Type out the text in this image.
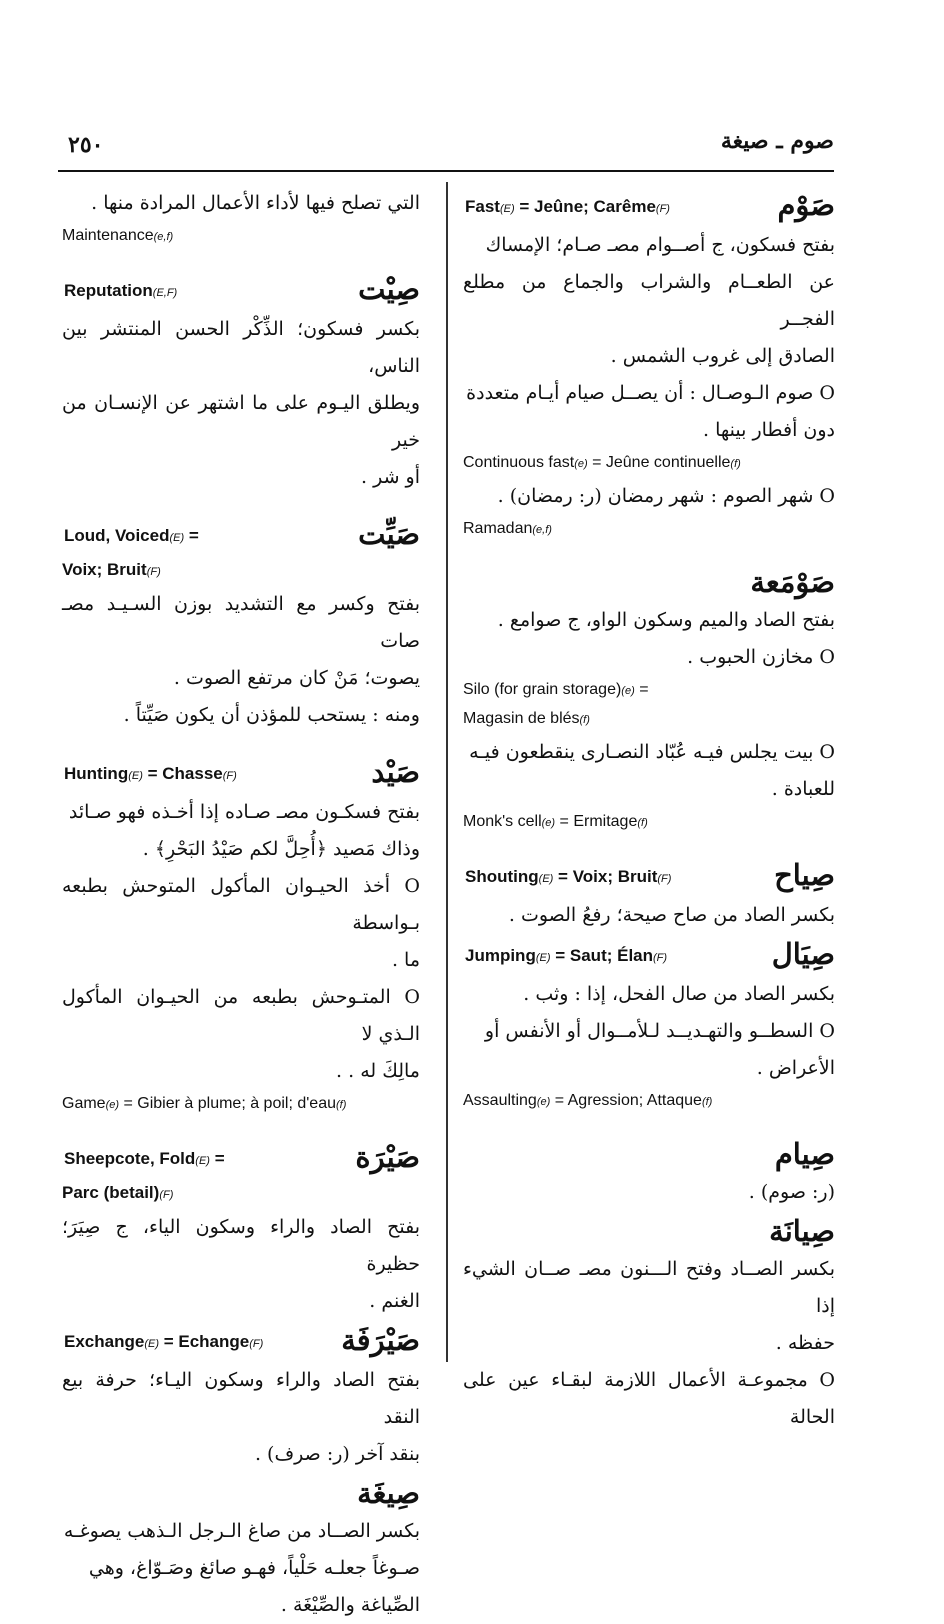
صوم ـ صيغة
٢٥٠
صَوْم
Fast(E) = Jeûne; Carême(F)
بفتح فسكون، ج أصــوام مصـ صـام؛ الإمساك
عن الطعــام والشراب والجماع من مطلع الفجــر
الصادق إلى غروب الشمس .
O صوم الـوصـال : أن يصــل صيام أيـام متعددة
دون أفطار بينها .
Continuous fast(e) = Jeûne continuelle(f)
O شهر الصوم : شهر رمضان (ر: رمضان) .
Ramadan(e,f)
صَوْمَعة
بفتح الصاد والميم وسكون الواو، ج صوامع .
O مخازن الحبوب .
Silo (for grain storage)(e) =
Magasin de blés(f)
O بيت يجلس فيـه عُبّاد النصـارى ينقطعون فيـه
للعبادة .
Monk's cell(e) = Ermitage(f)
صِياح
Shouting(E) = Voix; Bruit(F)
بكسر الصاد من صاح صيحة؛ رفعُ الصوت .
صِيَال
Jumping(E) = Saut; Élan(F)
بكسر الصاد من صال الفحل، إذا : وثب .
O السطــو والتهـديــد لـلأمــوال أو الأنفس أو
الأعراض .
Assaulting(e) = Agression; Attaque(f)
صِيام
(ر: صوم) .
صِيانَة
بكسر الصــاد وفتح الـــنون مصـ صــان الشيء إذا
حفظه .
O مجموعـة الأعمال اللازمة لبقـاء عين على الحالة
التي تصلح فيها لأداء الأعمال المرادة منها .
Maintenance(e,f)
صِيْت
Reputation(E,F)
بكسر فسكون؛ الذِّكْر الحسن المنتشر بين الناس،
ويطلق اليـوم على ما اشتهر عن الإنسـان من خير
أو شر .
صَيِّت
Loud, Voiced(E) =
Voix; Bruit(F)
بفتح وكسر مع التشديد بوزن السـيـد مصـ صات
يصوت؛ مَنْ كان مرتفع الصوت .
ومنه : يستحب للمؤذن أن يكون صَيِّتاً .
صَيْد
Hunting(E) = Chasse(F)
بفتح فسكـون مصـ صـاده إذا أخـذه فهو صـائد
وذاك مَصيد ﴿أُحِلَّ لكم صَيْدُ البَحْرِ﴾ .
O أخذ الحيـوان المأكول المتوحش بطبعه بـواسطة
ما .
O المتـوحش بطبعه من الحيـوان المأكول الـذي لا
مالِكَ له . .
Game(e) = Gibier à plume; à poil; d'eau(f)
صَيْرَة
Sheepcote, Fold(E) =
Parc (betail)(F)
بفتح الصاد والراء وسكون الياء، ج صِيَرَ؛ حظيرة
الغنم .
صَيْرَفَة
Exchange(E) = Echange(F)
بفتح الصاد والراء وسكون اليـاء؛ حرفة بيع النقد
بنقد آخر (ر: صرف) .
صِيغَة
بكسر الصــاد من صاغ الـرجل الـذهب يصوغـه
صـوغاً جعلـه حَلْياً، فهـو صائغ وصَـوّاغ، وهي
الصِّياغة والصِّيْغَة .
